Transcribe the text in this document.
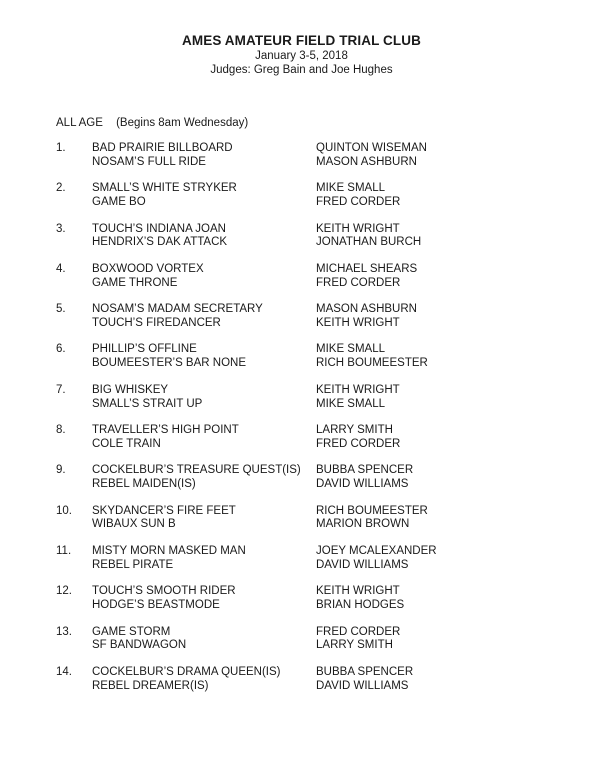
AMES AMATEUR FIELD TRIAL CLUB
January 3-5, 2018
Judges: Greg Bain and Joe Hughes
ALL AGE (Begins 8am Wednesday)
1. BAD PRAIRIE BILLBOARD
NOSAM’S FULL RIDE
QUINTON WISEMAN
MASON ASHBURN
2. SMALL’S WHITE STRYKER
GAME BO
MIKE SMALL
FRED CORDER
3. TOUCH’S INDIANA JOAN
HENDRIX’S DAK ATTACK
KEITH WRIGHT
JONATHAN BURCH
4. BOXWOOD VORTEX
GAME THRONE
MICHAEL SHEARS
FRED CORDER
5. NOSAM’S MADAM SECRETARY
TOUCH’S FIREDANCER
MASON ASHBURN
KEITH WRIGHT
6. PHILLIP’S OFFLINE
BOUMEESTER’S BAR NONE
MIKE SMALL
RICH BOUMEESTER
7. BIG WHISKEY
SMALL’S STRAIT UP
KEITH WRIGHT
MIKE SMALL
8. TRAVELLER’S HIGH POINT
COLE TRAIN
LARRY SMITH
FRED CORDER
9. COCKELBUR’S TREASURE QUEST(IS)
REBEL MAIDEN(IS)
BUBBA SPENCER
DAVID WILLIAMS
10. SKYDANCER’S FIRE FEET
WIBAUX SUN B
RICH BOUMEESTER
MARION BROWN
11. MISTY MORN MASKED MAN
REBEL PIRATE
JOEY MCALEXANDER
DAVID WILLIAMS
12. TOUCH’S SMOOTH RIDER
HODGE’S BEASTMODE
KEITH WRIGHT
BRIAN HODGES
13. GAME STORM
SF BANDWAGON
FRED CORDER
LARRY SMITH
14. COCKELBUR’S DRAMA QUEEN(IS)
REBEL DREAMER(IS)
BUBBA SPENCER
DAVID WILLIAMS
